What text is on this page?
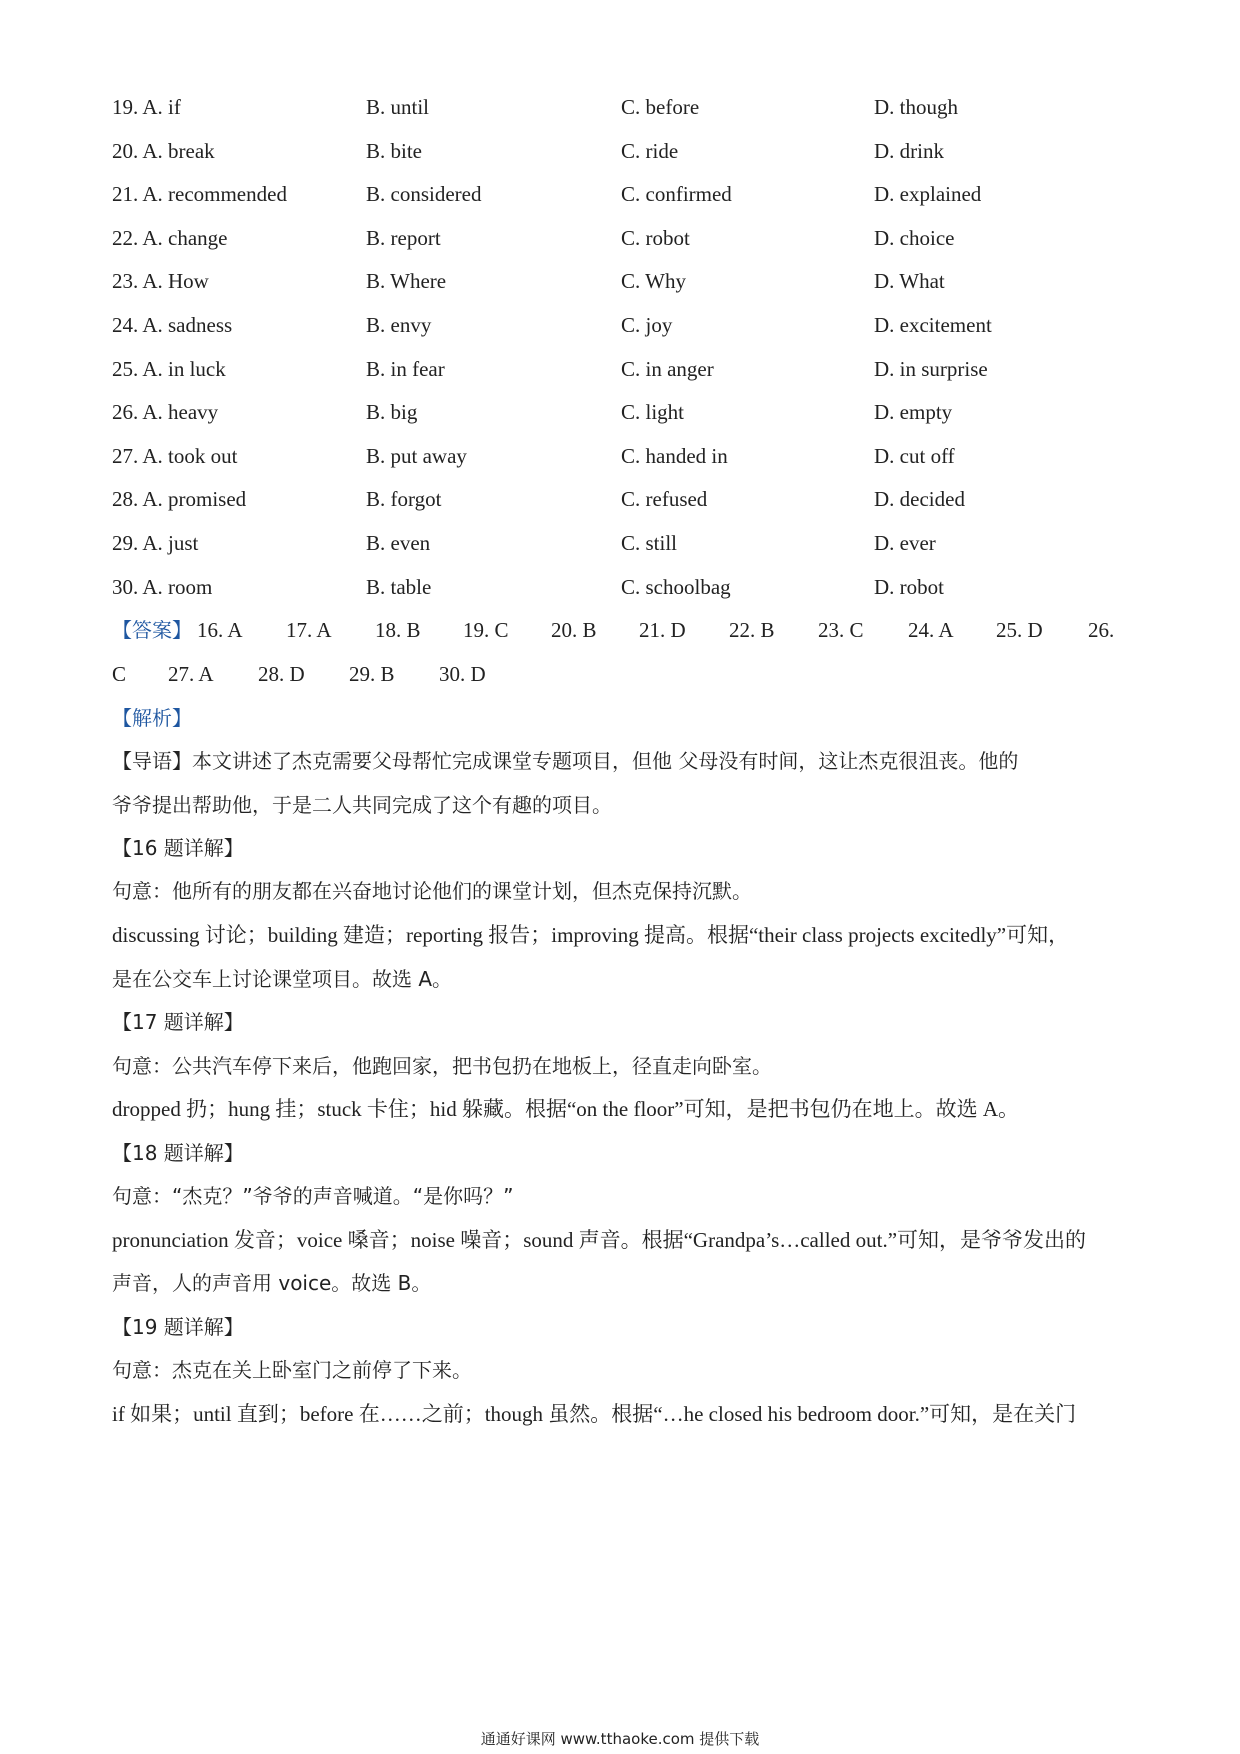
19. A. if	B. until	C. before	D. though
20. A. break	B. bite	C. ride	D. drink
21. A. recommended	B. considered	C. confirmed	D. explained
22. A. change	B. report	C. robot	D. choice
23. A. How	B. Where	C. Why	D. What
24. A. sadness	B. envy	C. joy	D. excitement
25. A. in luck	B. in fear	C. in anger	D. in surprise
26. A. heavy	B. big	C. light	D. empty
27. A. took out	B. put away	C. handed in	D. cut off
28. A. promised	B. forgot	C. refused	D. decided
29. A. just	B. even	C. still	D. ever
30. A. room	B. table	C. schoolbag	D. robot
【答案】 16. A 17. A 18. B 19. C 20. B 21. D 22. B 23. C 24. A 25. D 26.
C 27. A 28. D 29. B 30. D
【解析】
【导语】本文讲述了杰克需要父母帮忙完成课堂专题项目，但他 父母没有时间，这让杰克很沮丧。他的
爷爷提出帮助他，于是二人共同完成了这个有趣的项目。
【16 题详解】
句意：他所有的朋友都在兴奋地讨论他们的课堂计划，但杰克保持沉默。
discussing 讨论；building 建造；reporting 报告；improving 提高。根据“their class projects excitedly”可知，
是在公交车上讨论课堂项目。故选 A。
【17 题详解】
句意：公共汽车停下来后，他跑回家，把书包扔在地板上，径直走向卧室。
dropped 扔；hung 挂；stuck 卡住；hid 躲藏。根据“on the floor”可知，是把书包仍在地上。故选 A。
【18 题详解】
句意：“杰克？”爷爷的声音喊道。“是你吗？”
pronunciation 发音；voice 嗓音；noise 噪音；sound 声音。根据“Grandpa’s…called out.”可知，是爷爷发出的
声音，人的声音用 voice。故选 B。
【19 题详解】
句意：杰克在关上卧室门之前停了下来。
if 如果；until 直到；before 在……之前；though 虽然。根据“…he closed his bedroom door.”可知，是在关门
通通好课网 www.tthaoke.com 提供下载
